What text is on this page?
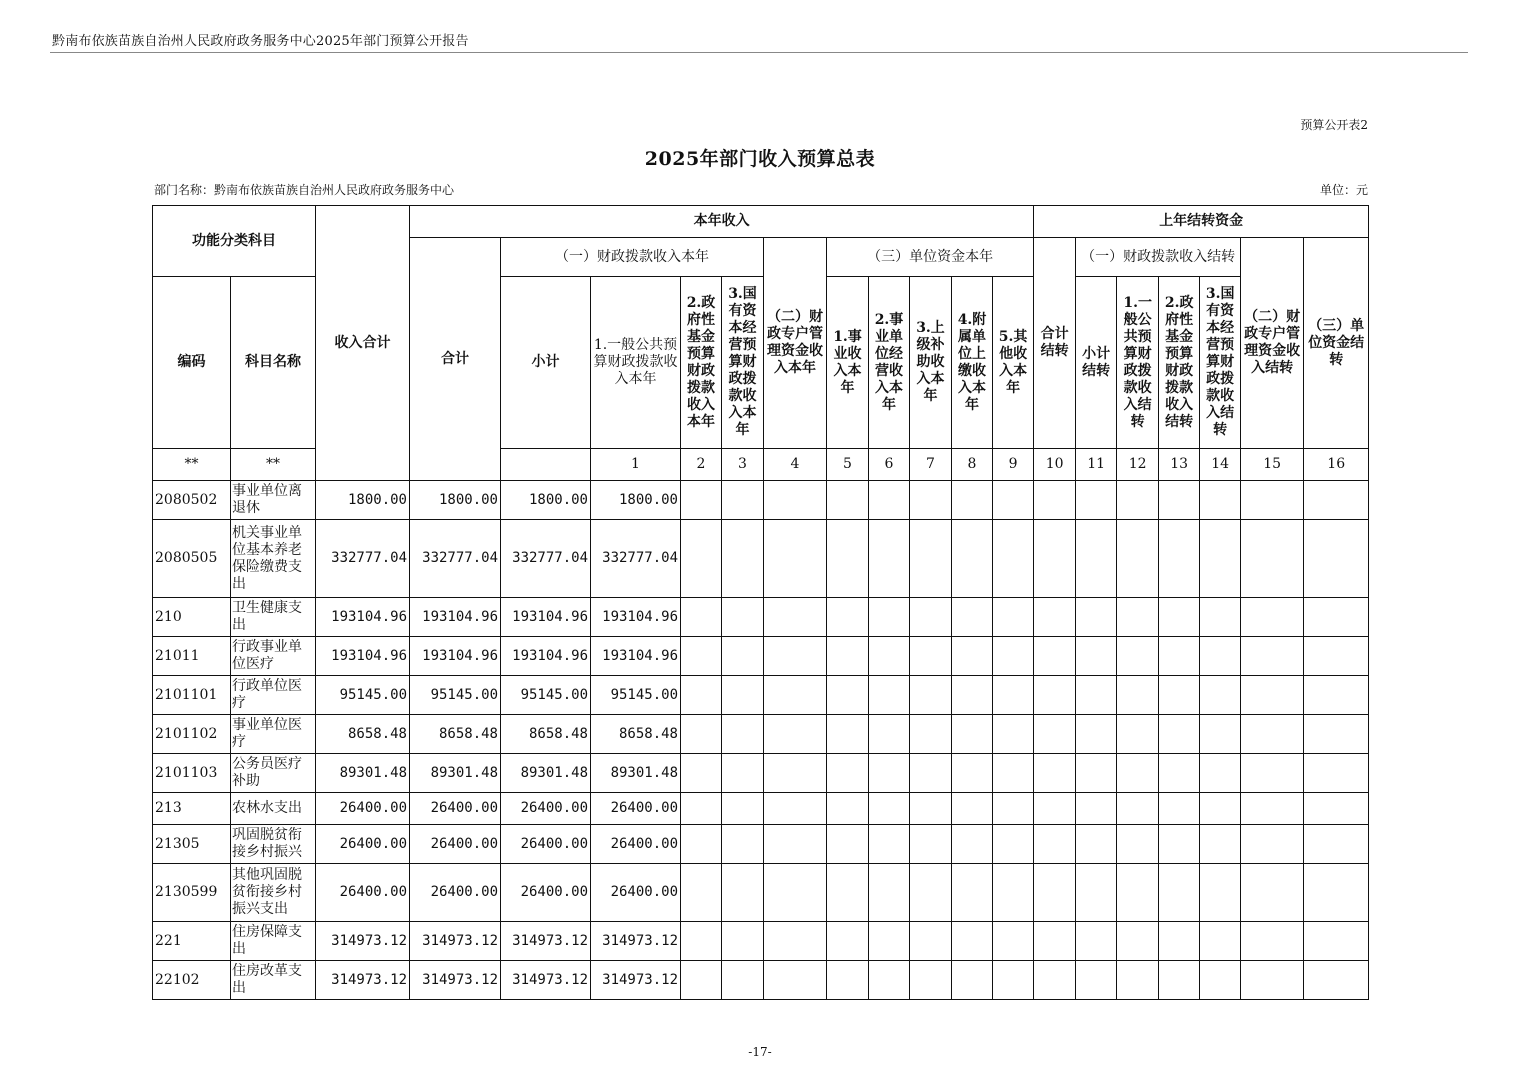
黔南布依族苗族自治州人民政府政务服务中心2025年部门预算公开报告
预算公开表2
2025年部门收入预算总表
部门名称：黔南布依族苗族自治州人民政府政务服务中心	单位：元
功能分类科目		收入合计	本年收入											上年结转资金							
			合计	（一）财政拨款收入本年				（二）财政专户管理资金收入本年	（三）单位资金本年					合计结转	（一）财政拨款收入结转				（二）财政专户管理资金收入结转	（三）单位资金结转	
编码	科目名称			小计	1.一般公共预算财政拨款收入本年	2.政府性基金预算财政拨款收入本年	3.国有资本经营预算财政拨款收入本年		1.事业收入本年	2.事业单位经营收入本年	3.上级补助收入本年	4.附属单位上缴收入本年	5.其他收入本年		小计结转	1.一般公共预算财政拨款收入结转	2.政府性基金预算财政拨款收入结转	3.国有资本经营预算财政拨款收入结转			
**	**				1	2	3	4	5	6	7	8	9	10	11	12	13	14	15	16		
2080502	事业单位离退休	1800.00	1800.00	1800.00	1800.00																
2080505	机关事业单位基本养老保险缴费支出	332777.04	332777.04	332777.04	332777.04																
210	卫生健康支出	193104.96	193104.96	193104.96	193104.96																
21011	行政事业单位医疗	193104.96	193104.96	193104.96	193104.96																
2101101	行政单位医疗	95145.00	95145.00	95145.00	95145.00																
2101102	事业单位医疗	8658.48	8658.48	8658.48	8658.48																
2101103	公务员医疗补助	89301.48	89301.48	89301.48	89301.48																
213	农林水支出	26400.00	26400.00	26400.00	26400.00																
21305	巩固脱贫衔接乡村振兴	26400.00	26400.00	26400.00	26400.00																
2130599	其他巩固脱贫衔接乡村振兴支出	26400.00	26400.00	26400.00	26400.00																
221	住房保障支出	314973.12	314973.12	314973.12	314973.12																
22102	住房改革支出	314973.12	314973.12	314973.12	314973.12																
-17-
